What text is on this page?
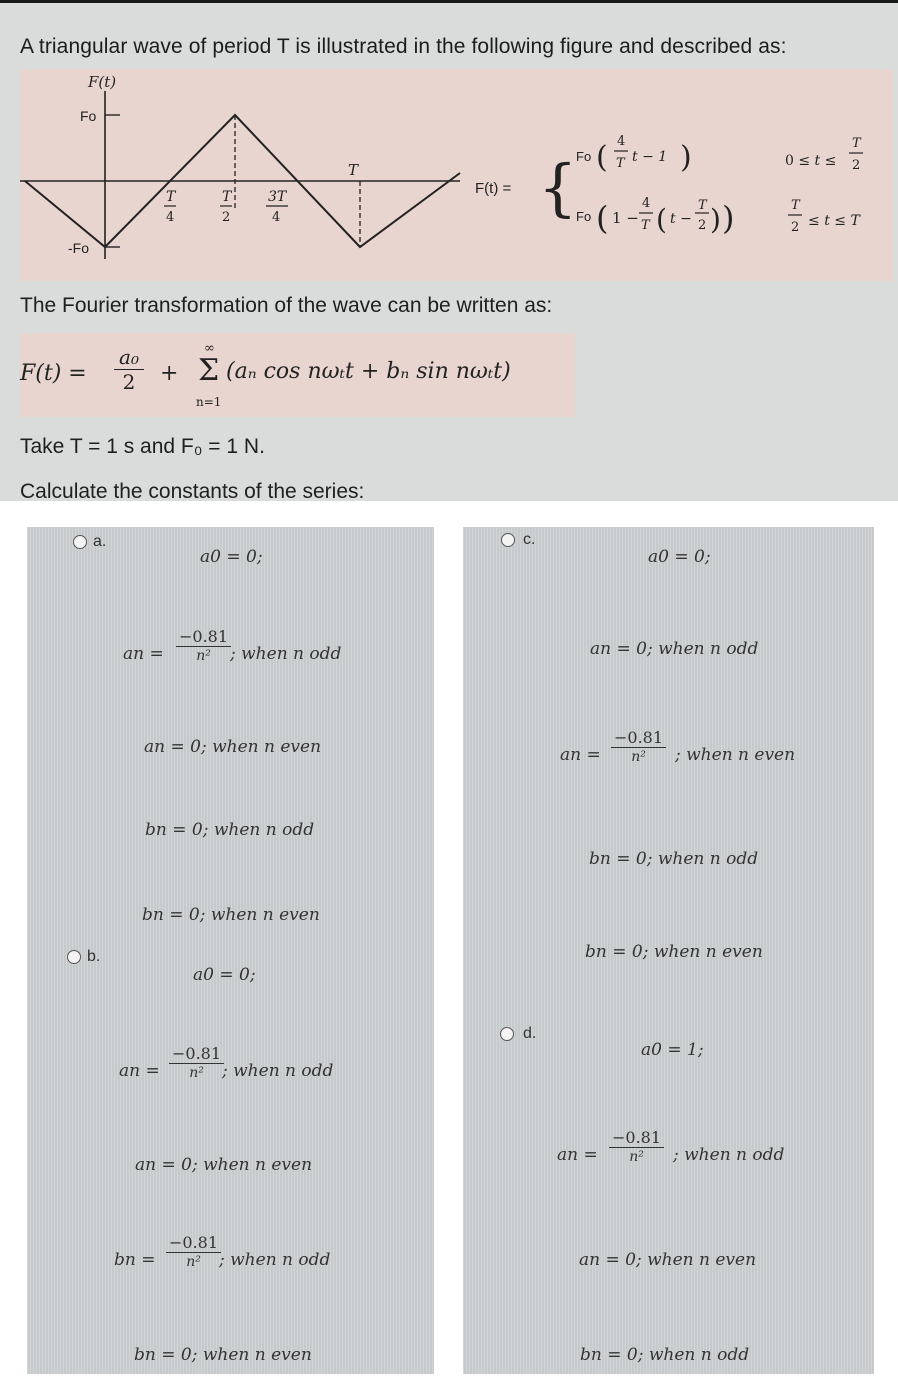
A triangular wave of period T is illustrated in the following figure and described as:
F(t)
Fo
-Fo
T
T
4
T
2
3T
4
F(t) = {
Fo ( 4
T t − 1 )
Fo ( 1 −
4
T ( t −
T
2 ) )
0 ≤ t ≤
T
2
T
2 ≤ t ≤ T
The Fourier transformation of the wave can be written as:
$F(t) = \frac{\text{a₀}}{2}$ +
∞
Σ
n=1
(aₙ cos nωₜt + bₙ sin nωₜt)
Take T = 1 s and F₀ = 1 N.
Calculate the constants of the series:
a.
a0 = 0;
an = $\frac{-0.81}{\text{n²}}$
; when n odd
an = 0; when n even
bn = 0; when n odd
bn = 0; when n even
b.
a0 = 0;
an = $\frac{-0.81}{\text{n²}}$
; when n odd
an = 0; when n even
bn = $\frac{-0.81}{\text{n²}}$
; when n odd
bn = 0; when n even
c.
a0 = 0;
an = 0; when n odd
an = $\frac{-0.81}{\text{n²}}$ ; when n even
bn = 0; when n odd
bn = 0; when n even
d.
a0 = 1;
an = $\frac{-0.81}{\text{n²}}$ ; when n odd
an = 0; when n even
bn = 0; when n odd
